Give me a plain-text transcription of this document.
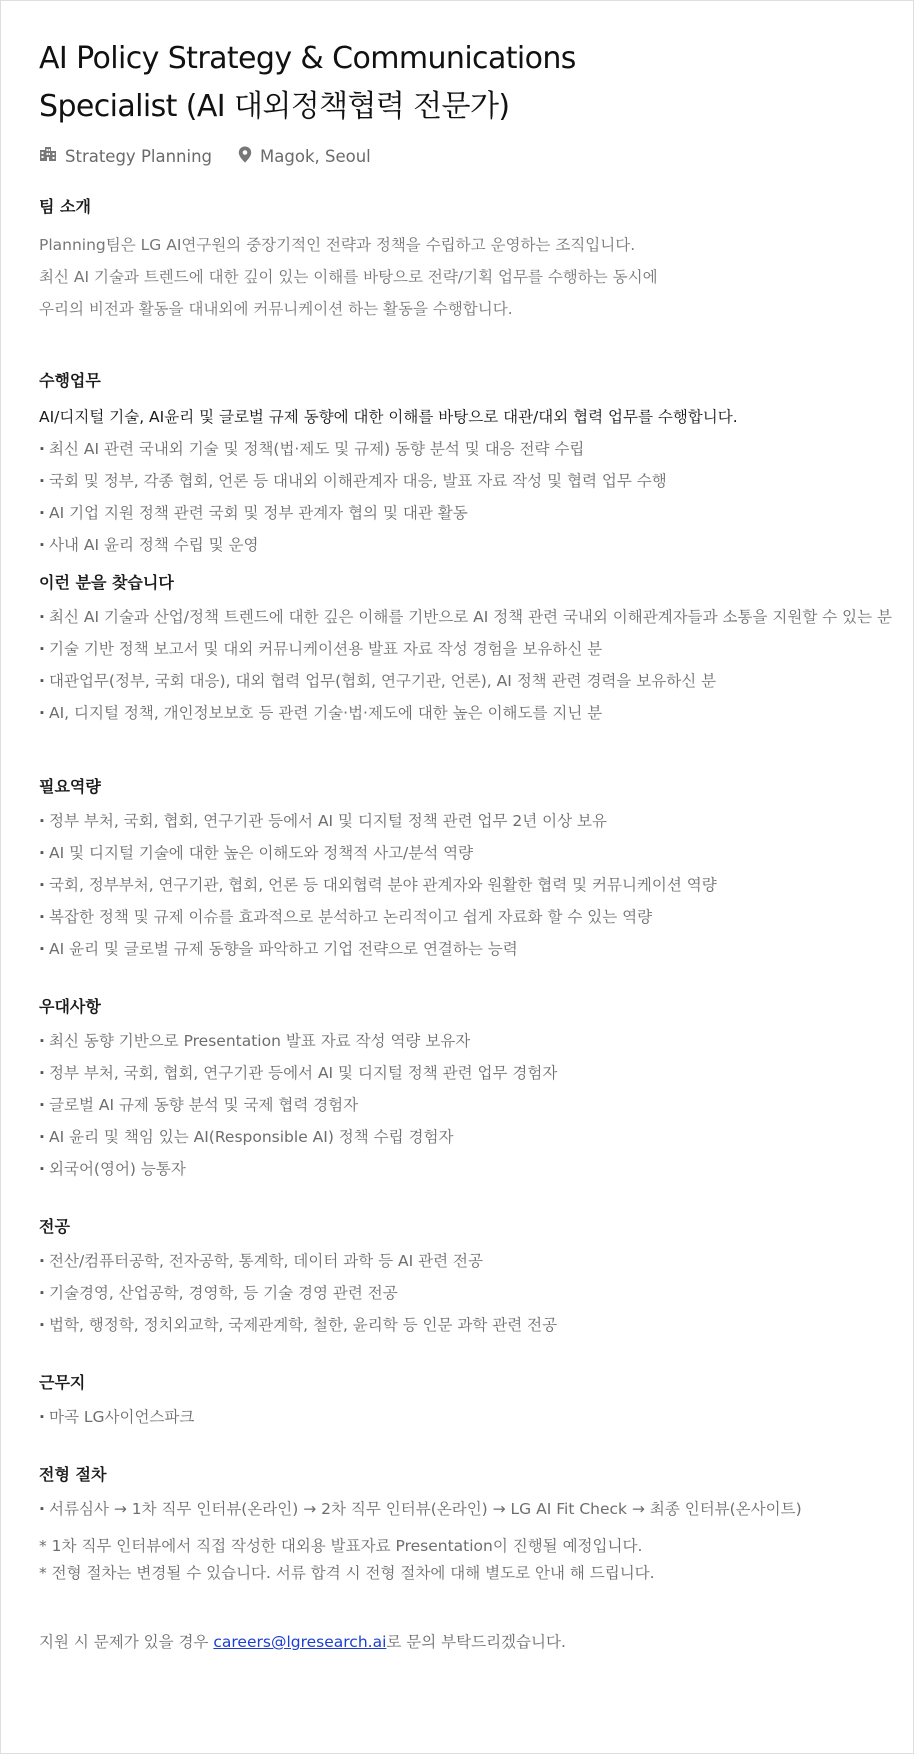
AI Policy Strategy & Communications
Specialist (AI 대외정책협력 전문가)
Strategy Planning	Magok, Seoul
팀 소개
Planning팀은 LG AI연구원의 중장기적인 전략과 정책을 수립하고 운영하는 조직입니다.
최신 AI 기술과 트렌드에 대한 깊이 있는 이해를 바탕으로 전략/기획 업무를 수행하는 동시에
우리의 비전과 활동을 대내외에 커뮤니케이션 하는 활동을 수행합니다.
수행업무
AI/디지털 기술, AI윤리 및 글로벌 규제 동향에 대한 이해를 바탕으로 대관/대외 협력 업무를 수행합니다.
· 최신 AI 관련 국내외 기술 및 정책(법·제도 및 규제) 동향 분석 및 대응 전략 수립
· 국회 및 정부, 각종 협회, 언론 등 대내외 이해관계자 대응, 발표 자료 작성 및 협력 업무 수행
· AI 기업 지원 정책 관련 국회 및 정부 관계자 협의 및 대관 활동
· 사내 AI 윤리 정책 수립 및 운영
이런 분을 찾습니다
· 최신 AI 기술과 산업/정책 트렌드에 대한 깊은 이해를 기반으로 AI 정책 관련 국내외 이해관계자들과 소통을 지원할 수 있는 분
· 기술 기반 정책 보고서 및 대외 커뮤니케이션용 발표 자료 작성 경험을 보유하신 분
· 대관업무(정부, 국회 대응), 대외 협력 업무(협회, 연구기관, 언론), AI 정책 관련 경력을 보유하신 분
· AI, 디지털 정책, 개인정보보호 등 관련 기술·법·제도에 대한 높은 이해도를 지닌 분
필요역량
· 정부 부처, 국회, 협회, 연구기관 등에서 AI 및 디지털 정책 관련 업무 2년 이상 보유
· AI 및 디지털 기술에 대한 높은 이해도와 정책적 사고/분석 역량
· 국회, 정부부처, 연구기관, 협회, 언론 등 대외협력 분야 관계자와 원활한 협력 및 커뮤니케이션 역량
· 복잡한 정책 및 규제 이슈를 효과적으로 분석하고 논리적이고 쉽게 자료화 할 수 있는 역량
· AI 윤리 및 글로벌 규제 동향을 파악하고 기업 전략으로 연결하는 능력
우대사항
· 최신 동향 기반으로 Presentation 발표 자료 작성 역량 보유자
· 정부 부처, 국회, 협회, 연구기관 등에서 AI 및 디지털 정책 관련 업무 경험자
· 글로벌 AI 규제 동향 분석 및 국제 협력 경험자
· AI 윤리 및 책임 있는 AI(Responsible AI) 정책 수립 경험자
· 외국어(영어) 능통자
전공
· 전산/컴퓨터공학, 전자공학, 통계학, 데이터 과학 등 AI 관련 전공
· 기술경영, 산업공학, 경영학, 등 기술 경영 관련 전공
· 법학, 행정학, 정치외교학, 국제관계학, 철한, 윤리학 등 인문 과학 관련 전공
근무지
· 마곡 LG사이언스파크
전형 절차
· 서류심사 → 1차 직무 인터뷰(온라인) → 2차 직무 인터뷰(온라인) → LG AI Fit Check → 최종 인터뷰(온사이트)
* 1차 직무 인터뷰에서 직접 작성한 대외용 발표자료 Presentation이 진행될 예정입니다.
* 전형 절차는 변경될 수 있습니다. 서류 합격 시 전형 절차에 대해 별도로 안내 해 드립니다.
지원 시 문제가 있을 경우 careers@lgresearch.ai로 문의 부탁드리겠습니다.
